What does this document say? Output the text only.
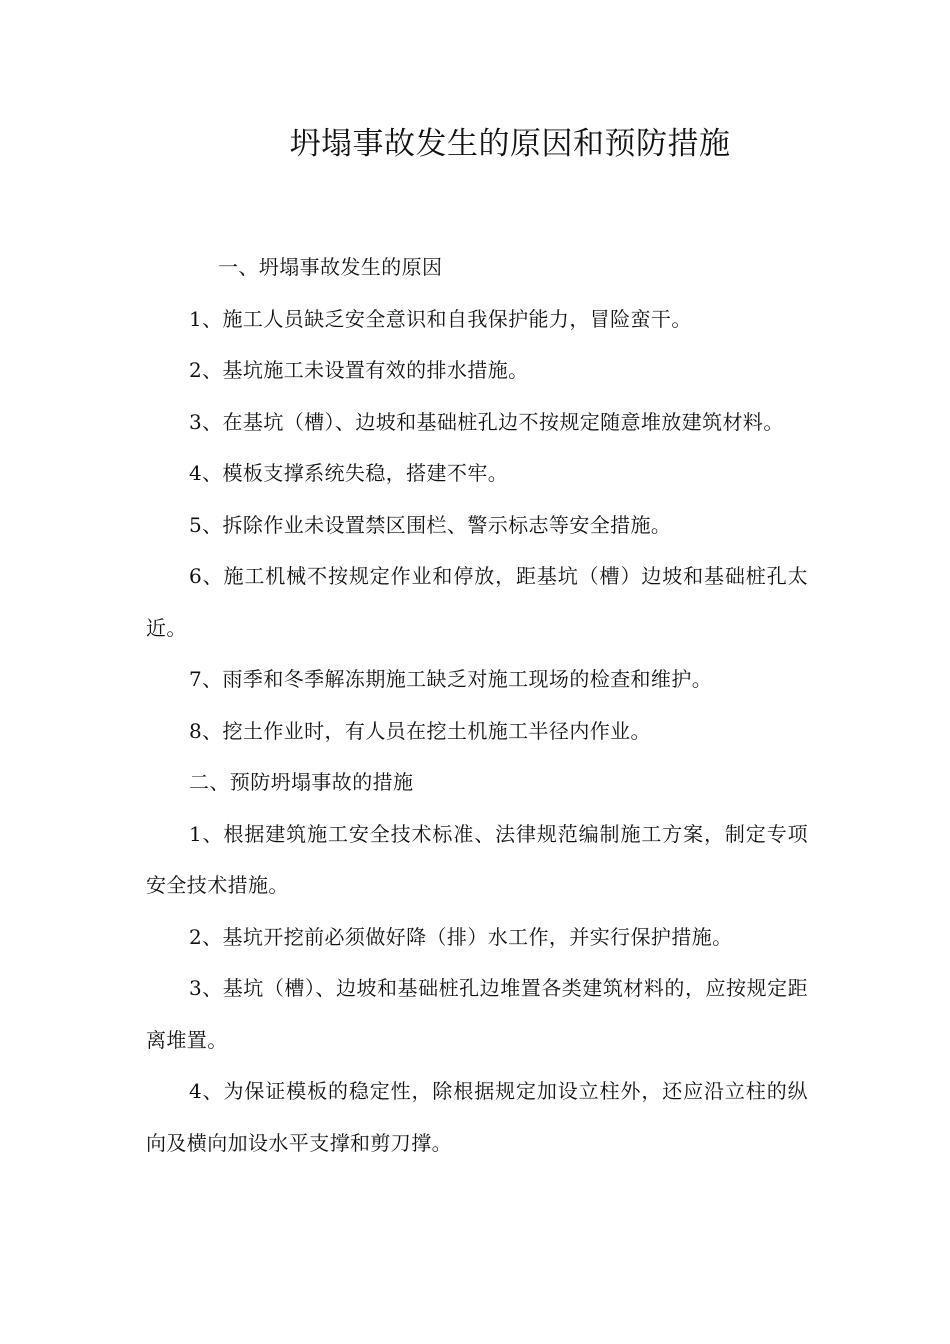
坍塌事故发生的原因和预防措施

一、坍塌事故发生的原因

1、施工人员缺乏安全意识和自我保护能力，冒险蛮干。

2、基坑施工未设置有效的排水措施。

3、在基坑（槽）、边坡和基础桩孔边不按规定随意堆放建筑材料。

4、模板支撑系统失稳，搭建不牢。

5、拆除作业未设置禁区围栏、警示标志等安全措施。

6、施工机械不按规定作业和停放，距基坑（槽）边坡和基础桩孔太近。

7、雨季和冬季解冻期施工缺乏对施工现场的检查和维护。

8、挖土作业时，有人员在挖土机施工半径内作业。

二、预防坍塌事故的措施

1、根据建筑施工安全技术标准、法律规范编制施工方案，制定专项安全技术措施。

2、基坑开挖前必须做好降（排）水工作，并实行保护措施。

3、基坑（槽）、边坡和基础桩孔边堆置各类建筑材料的，应按规定距离堆置。

4、为保证模板的稳定性，除根据规定加设立柱外，还应沿立柱的纵向及横向加设水平支撑和剪刀撑。
